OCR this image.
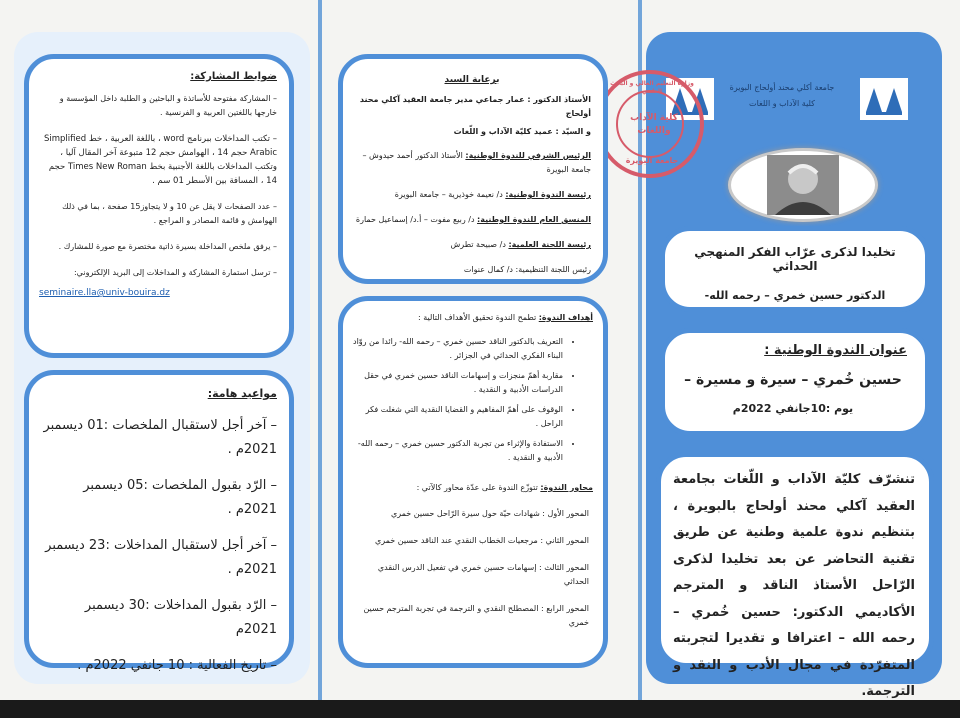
جامعة أكلي محند أولحاج البويرة
كلية الآداب و اللغات
تخليدا لذكرى عرّاب الفكر المنهجي الحداثي
الدكتور حسين خمري – رحمه الله-
عنوان الندوة الوطنية :
حسين خُمري – سيرة و مسيرة –
يوم :10جانفي 2022م
تنشرّف كليّة الآداب و اللّغات بجامعة العقيد آكلي محند أولحاج بالبويرة ، بتنظيم ندوة علمية وطنية عن طريق تقنية التحاضر عن بعد تخليدا لذكرى الرّاحل الأستاذ الناقد و المترجم الأكاديمي الدكتور: حسين خُمري –رحمه الله – اعترافا و تقديرا لتجربته المتفرّدة في مجال الأدب و النقد و الترجمة.
كلية الآداب واللغات
وزارة التعليم العالي و البحث العلمي
جامعة البويرة
برعاية السيد
الأستاذ الدكتور : عمار جماعي مدير جامعة العقيد آكلي محند أولحاج
و السيّد : عميد كليّة الآداب و اللّغات
الرئيس الشرفي للندوة الوطنية: الأستاذ الدكتور أحمد حيدوش – جامعة البويرة
رئيسة الندوة الوطنية: د/ نعيمة خوذيرية – جامعة البويرة
المنسق العام للندوة الوطنية: د/ ربيع مفوت – أ.د/ إسماعيل حمارة
رئيسة اللجنة العلمية: د/ صبيحة تطرش
رئيس اللجنة التنظيمية: د/ كمال عنوات
أهداف الندوة: تطمح الندوة تحقيق الأهداف التالية :
• التعريف بالدكتور الناقد حسين خمري – رحمه الله- رائدا من روّاد البناء الفكري الحداثي في الجزائر .
• مقاربة أهمّ منجزات و إسهامات الناقد حسين خمري في حقل الدراسات الأدبية و النقدية .
• الوقوف على أهمّ المفاهيم و القضايا النقدية التي شغلت فكر الراحل .
• الاستفادة والإثراء من تجربة الدكتور حسين خمري – رحمه الله- الأدبية و النقدية .
محاور الندوة: تتوزّع الندوة على عدّة محاور كالآتي :
المحور الأول : شهادات حيّة حول سيرة الرّاحل حسين خمري
المحور الثاني : مرجعيات الخطاب النقدي عند الناقد حسين خمري
المحور الثالث : إسهامات حسين خمري في تفعيل الدرس النقدي الحداثي
المحور الرابع : المصطلح النقدي و الترجمة في تجربة المترجم حسين خمري
ضوابط المشاركة:
– المشاركة مفتوحة للأساتذة و الباحثين و الطلبة داخل المؤسسة و خارجها باللغتين العربية و الفرنسية .
– تكتب المداخلات ببرنامج word ، باللغة العربية ، خط Simplified Arabic حجم 14 ، الهوامش حجم 12 متبوعة آخر المقال آليا ، وتكتب المداخلات باللغة الأجنبية بخط Times New Roman حجم 14 ، المسافة بين الأسطر 01 سم .
– عدد الصفحات لا يقل عن 10 و لا يتجاوز15 صفحة ، بما في ذلك الهوامش و قائمة المصادر و المراجع .
– يرفق ملخص المداخلة بسيرة ذاتية مختصرة مع صورة للمشارك .
– ترسل استمارة المشاركة و المداخلات إلى البريد الإلكتروني:
seminaire.lla@univ-bouira.dz
مواعيد هامة:
– آخر أجل لاستقبال الملخصات :01 ديسمبر 2021م .
– الرّد بقبول الملخصات :05 ديسمبر 2021م .
– آخر أجل لاستقبال المداخلات :23 ديسمبر 2021م .
– الرّد بقبول المداخلات :30 ديسمبر 2021م
– تاريخ الفعالية : 10 جانفي 2022م .
